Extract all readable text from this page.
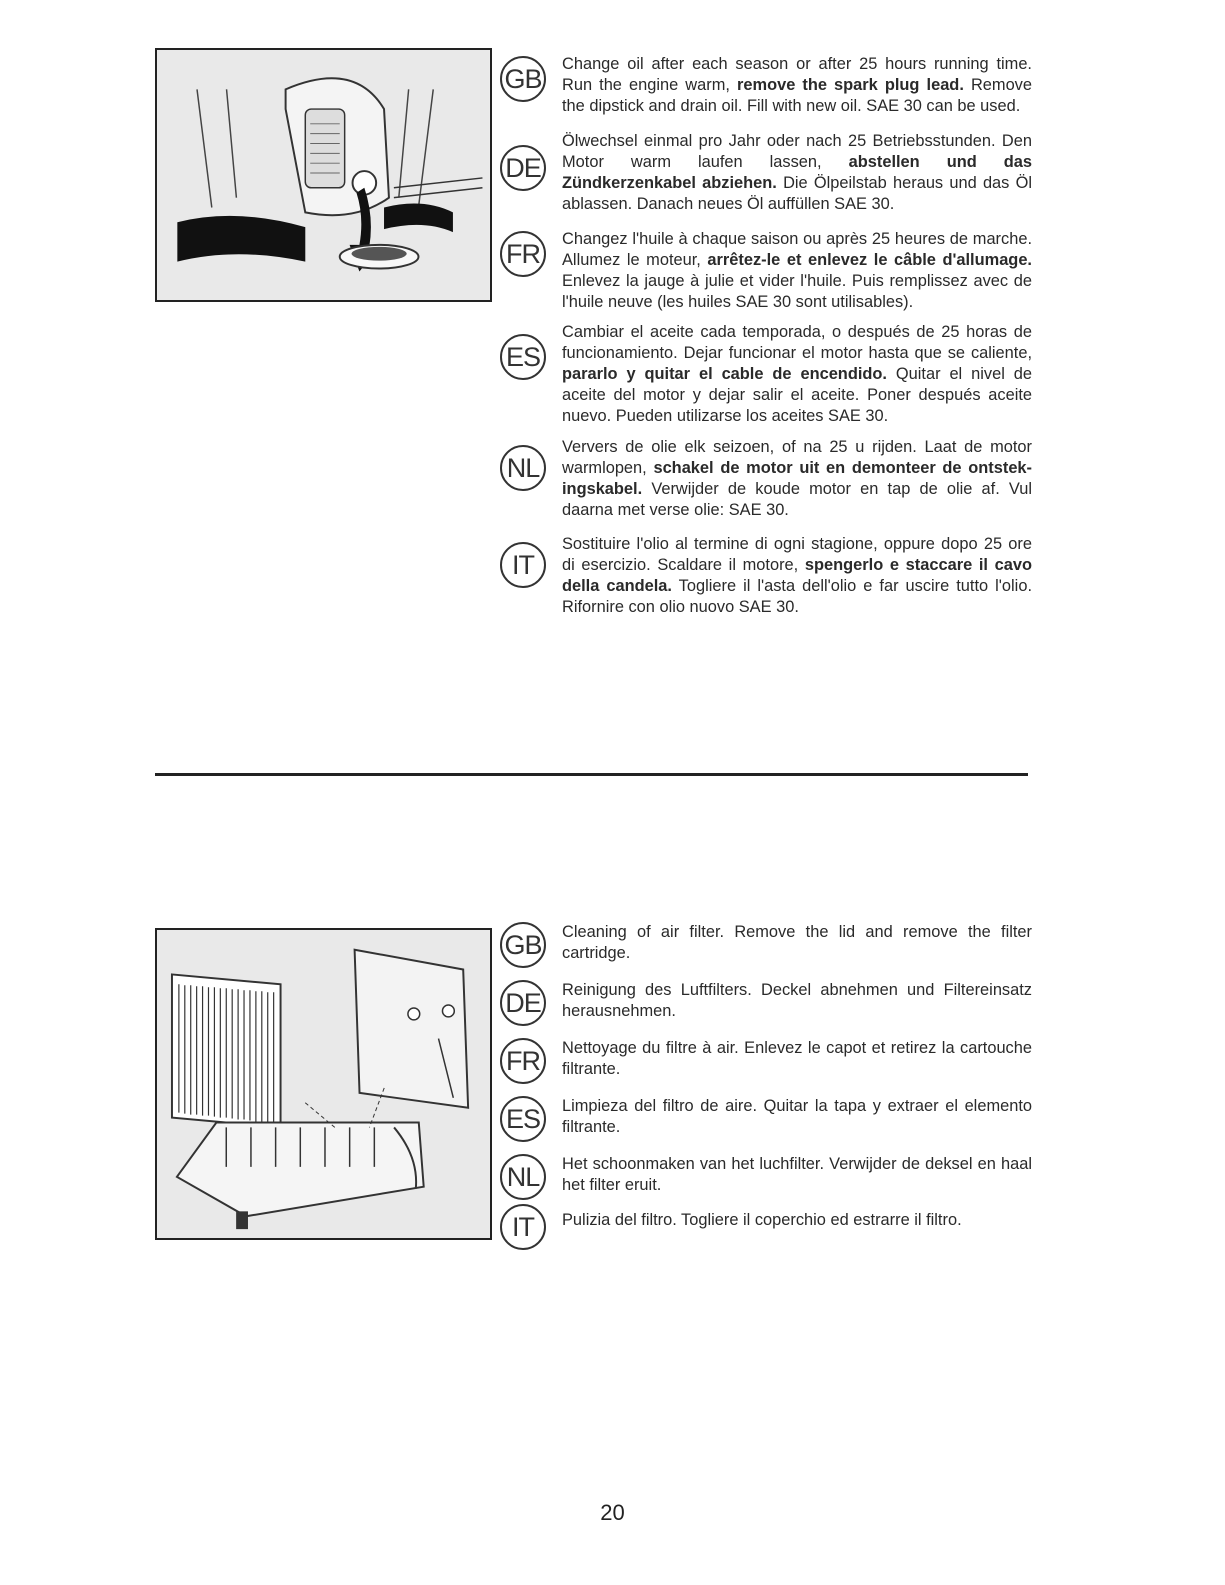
GB Change oil after each season or after 25 hours running time. Run the engine warm, remove the spark plug lead. Remove the dipstick and drain oil. Fill with new oil. SAE 30 can be used.
DE
Ölwechsel einmal pro Jahr oder nach 25 Betriebsstunden. Den Motor warm laufen lassen, abstellen und das Zündkerzenkabel abziehen. Die Ölpeilstab heraus und das Öl ablassen. Danach neues Öl auffüllen SAE 30.
FR	Changez l'huile à chaque saison ou après 25 heures de marche. Allumez le moteur, arrêtez-le et enlevez le câble d'allumage. Enlevez la jauge à julie et vider l'huile. Puis remplissez avec de l'huile neuve (les huiles SAE 30 sont utilisables).
ES
Cambiar el aceite cada temporada, o después de 25 horas de funcionamiento. Dejar funcionar el motor hasta que se caliente, pararlo y quitar el cable de encendido. Quitar el nivel de aceite del motor y dejar salir el aceite. Poner después aceite nuevo. Pueden utilizarse los aceites SAE 30.
NL
Ververs de olie elk seizoen, of na 25 u rijden. Laat de motor warmlopen, schakel de motor uit en demonteer de ontstek-ingskabel. Verwijder de koude motor en tap de olie af. Vul daarna met verse olie: SAE 30.
IT
Sostituire l'olio al termine di ogni stagione, oppure dopo 25 ore di esercizio. Scaldare il motore, spengerlo e staccare il cavo della candela. Togliere il l'asta dell'olio e far uscire tutto l'olio. Rifornire con olio nuovo SAE 30.
GB Cleaning of air filter. Remove the lid and remove the filter cartridge.
DE	Reinigung des Luftfilters. Deckel abnehmen und Filtereinsatz herausnehmen.
FR	Nettoyage du filtre à air. Enlevez le capot et retirez la cartouche filtrante.
ES	Limpieza del filtro de aire. Quitar la tapa y extraer el elemento filtrante.
NL	Het schoonmaken van het luchfilter. Verwijder de deksel en haal het filter eruit.
IT	Pulizia del filtro. Togliere il coperchio ed estrarre il filtro.
20
